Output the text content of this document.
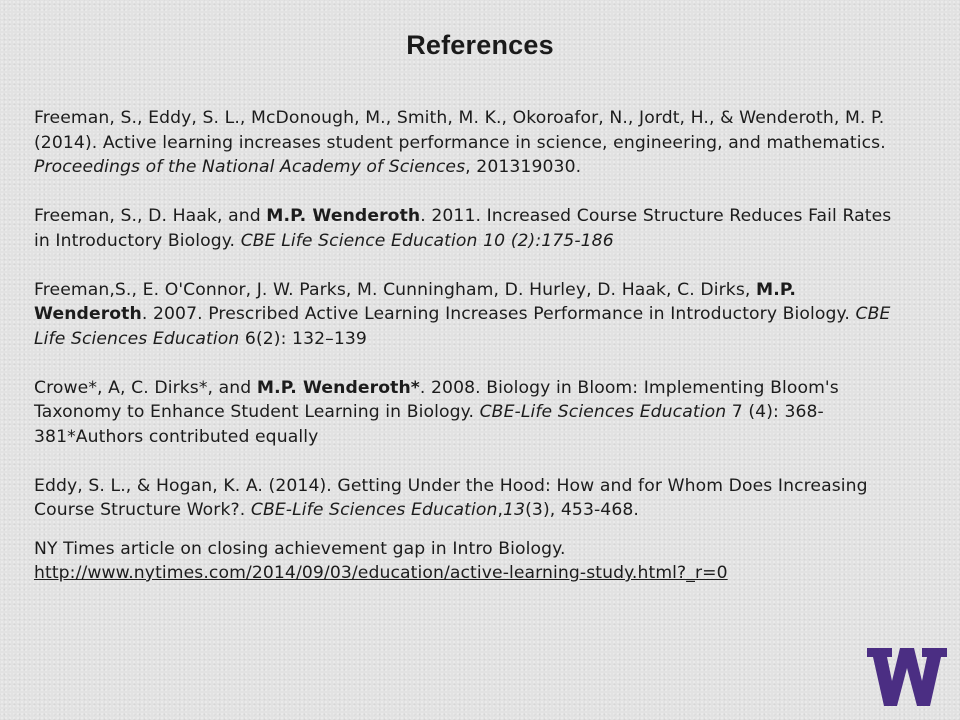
References

Freeman, S., Eddy, S. L., McDonough, M., Smith, M. K., Okoroafor, N., Jordt, H., & Wenderoth, M. P. (2014). Active learning increases student performance in science, engineering, and mathematics. Proceedings of the National Academy of Sciences, 201319030.

Freeman, S., D. Haak, and M.P. Wenderoth. 2011. Increased Course Structure Reduces Fail Rates in Introductory Biology. CBE Life Science Education 10 (2):175-186

Freeman,S., E. O'Connor, J. W. Parks, M. Cunningham, D. Hurley, D. Haak, C. Dirks, M.P. Wenderoth. 2007. Prescribed Active Learning Increases Performance in Introductory Biology. CBE Life Sciences Education 6(2): 132–139

Crowe*, A, C. Dirks*, and M.P. Wenderoth*. 2008. Biology in Bloom: Implementing Bloom's Taxonomy to Enhance Student Learning in Biology. CBE-Life Sciences Education 7 (4): 368-381*Authors contributed equally

Eddy, S. L., & Hogan, K. A. (2014). Getting Under the Hood: How and for Whom Does Increasing Course Structure Work?. CBE-Life Sciences Education,13(3), 453-468.

NY Times article on closing achievement gap in Intro Biology.
http://www.nytimes.com/2014/09/03/education/active-learning-study.html?_r=0
